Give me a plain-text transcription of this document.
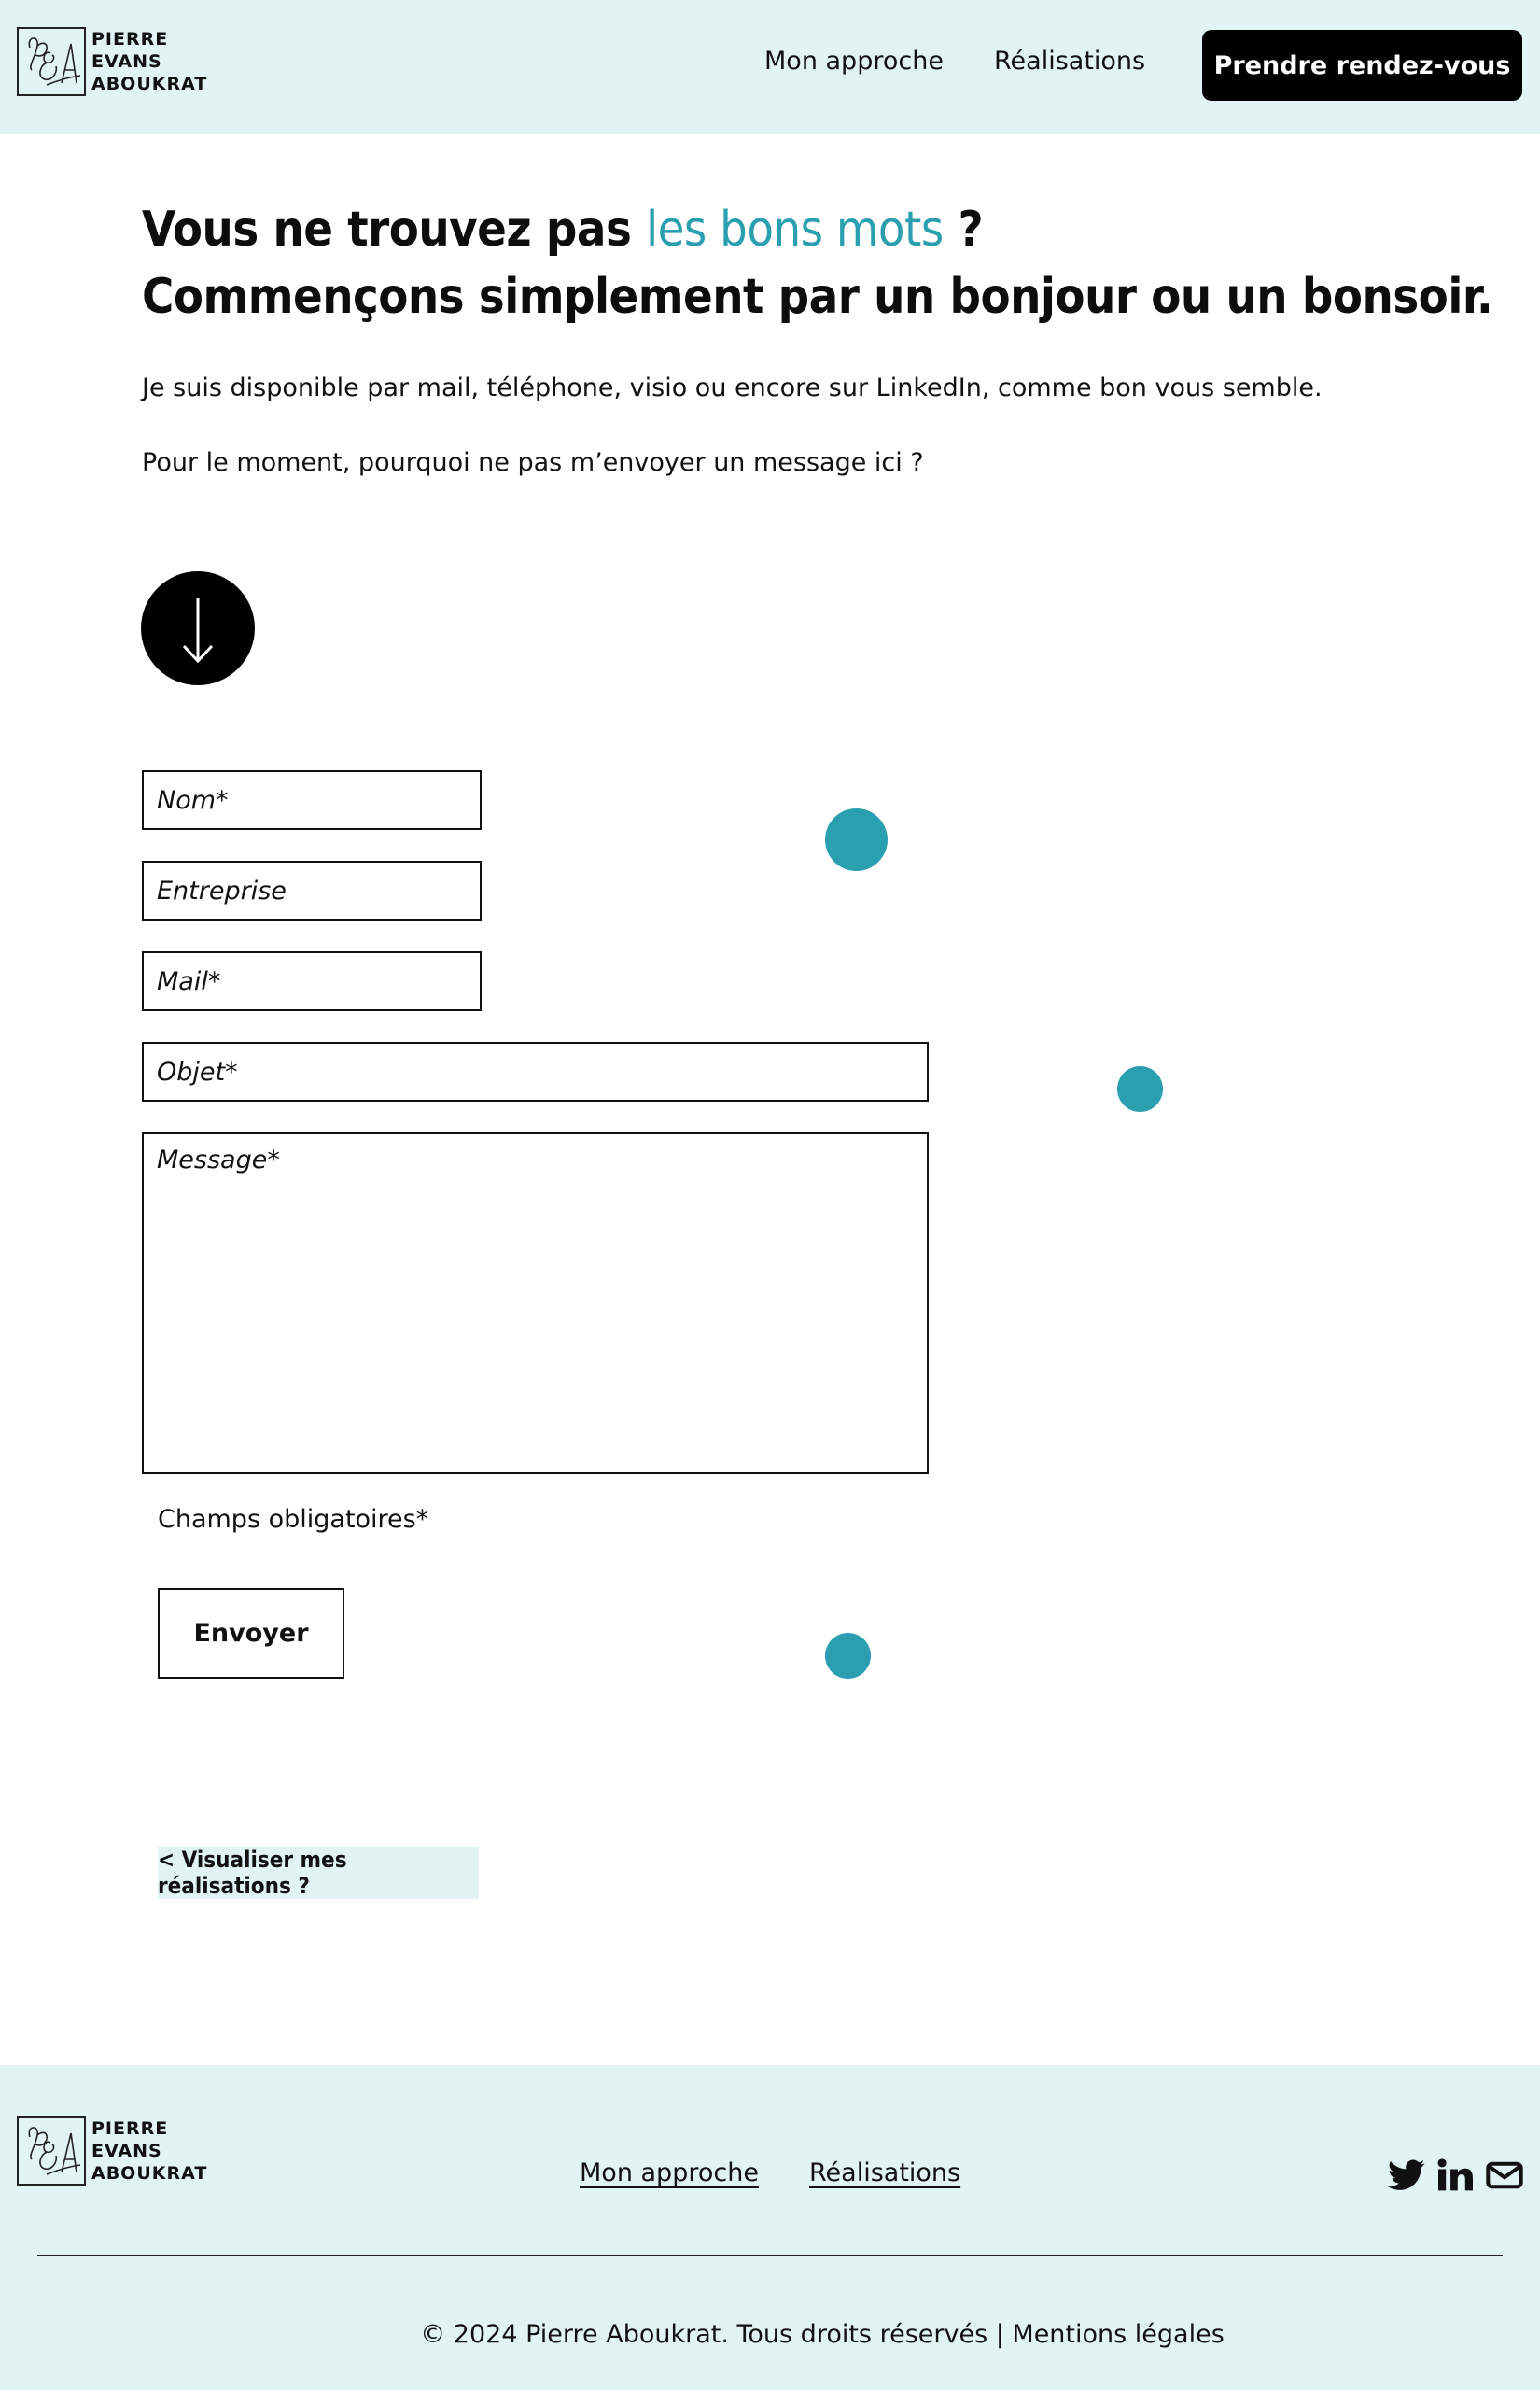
PIERRE
EVANS
ABOUKRAT
Mon approche Réalisations	Prendre rendez-vous
Vous ne trouvez pas les bons mots ?
Commençons simplement par un bonjour ou un bonsoir.

Je suis disponible par mail, téléphone, visio ou encore sur LinkedIn, comme bon vous semble.

Pour le moment, pourquoi ne pas m’envoyer un message ici ?

Nom*
Entreprise
Mail*
Objet*
Message*
Champs obligatoires*
Envoyer
< Visualiser mes réalisations ?
PIERRE
EVANS
ABOUKRAT	Mon approche Réalisations
© 2024 Pierre Aboukrat. Tous droits réservés | Mentions légales
